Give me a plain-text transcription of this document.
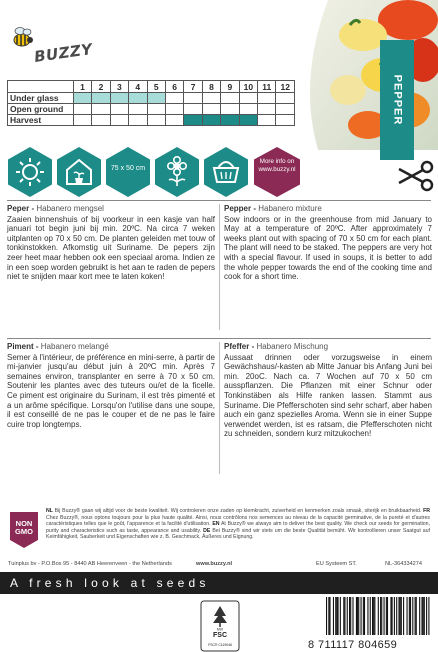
BUZZY
PEPPER
	1	2	3	4	5	6	7	8	9	10	11	12
Under glass												
Open ground												
Harvest												
75 x 50 cm
More info on
www.buzzy.nl
Peper - Habanero mengsel
Zaaien binnenshuis of bij voorkeur in een kasje van half januari tot begin juni bij min. 20ºC. Na circa 7 weken uitplanten op 70 x 50 cm. De planten geleiden met touw of tonkinstokken. Afkomstig uit Suriname. De pepers zijn zeer heet maar hebben ook een speciaal aroma. Indien ze in een soep worden gebruikt is het aan te raden de pepers niet te snijden maar kort mee te laten koken!
Pepper - Habanero mixture
Sow indoors or in the greenhouse from mid January to May at a temperature of 20ºC. After approximately 7 weeks plant out with spacing of 70 x 50 cm for each plant. The plant will need to be staked. The peppers are very hot with a special flavour. If used in soups, it is better to add the whole pepper towards the end of the cooking time and cook for a short time.
Piment - Habanero melangé
Semer à l'intérieur, de préférence en mini-serre, à partir de mi-janvier jusqu'au début juin à 20ºC min. Après 7 semaines environ, transplanter en serre à 70 x 50 cm. Soutenir les plantes avec des tuteurs ou/et de la ficelle. Ce piment est originaire du Surinam, il est très pimenté et a un arôme spécifique. Lorsqu'on l'utilise dans une soupe, il est conseillé de ne pas le couper et de ne pas le faire cuire trop longtemps.
Pfeffer - Habanero Mischung
Aussaat drinnen oder vorzugsweise in einem Gewächshaus/-kasten ab Mitte Januar bis Anfang Juni bei min. 20oC. Nach ca. 7 Wochen auf 70 x 50 cm ausspflanzen. Die Pflanzen mit einer Schnur oder Tonkinstäben als Hilfe ranken lassen. Stammt aus Suriname. Die Pfefferschoten sind sehr scharf, aber haben auch ein ganz spezielles Aroma. Wenn sie in einer Suppe verwendet werden, ist es ratsam, die Pfefferschoten nicht zu schneiden, sondern kurz mitzukochen!
NON
GMO
NL Bij Buzzy® gaan wij altijd voor de beste kwaliteit. Wij controleren onze zaden op kiemkracht, zuiverheid en kenmerken zoals smaak, siterijk en bruikbaarheid. FR Chez Buzzy®, nous optons toujours pour la plus haute qualité. Ainsi, nous contrôlons nos semences au niveau de la capacité germinative, de la pureté et d'autres caractéristiques telles que le goût, l'apparence et la facilité d'utilisation. EN At Buzzy® we always aim to deliver the best quality. We check our seeds for germination, purity and characteristics such as taste, appearance and usability. DE Bei Buzzy® sind wir stets um die beste Qualität bemüht. Wir kontrollieren unser Saatgut auf Keimfähigkeit, Sauberkeit und Eigenschaften wie z. B. Geschmack, Äußeres und Eignung.
Tuinplus bv - P.O.Box 95 - 8440 AB Heerenveen - the Netherlands	www.buzzy.nl	EU Systeem ST.	NL-364334274
A fresh look at seeds
FSC
MIX
FSC® C119046	8 711117 804659
